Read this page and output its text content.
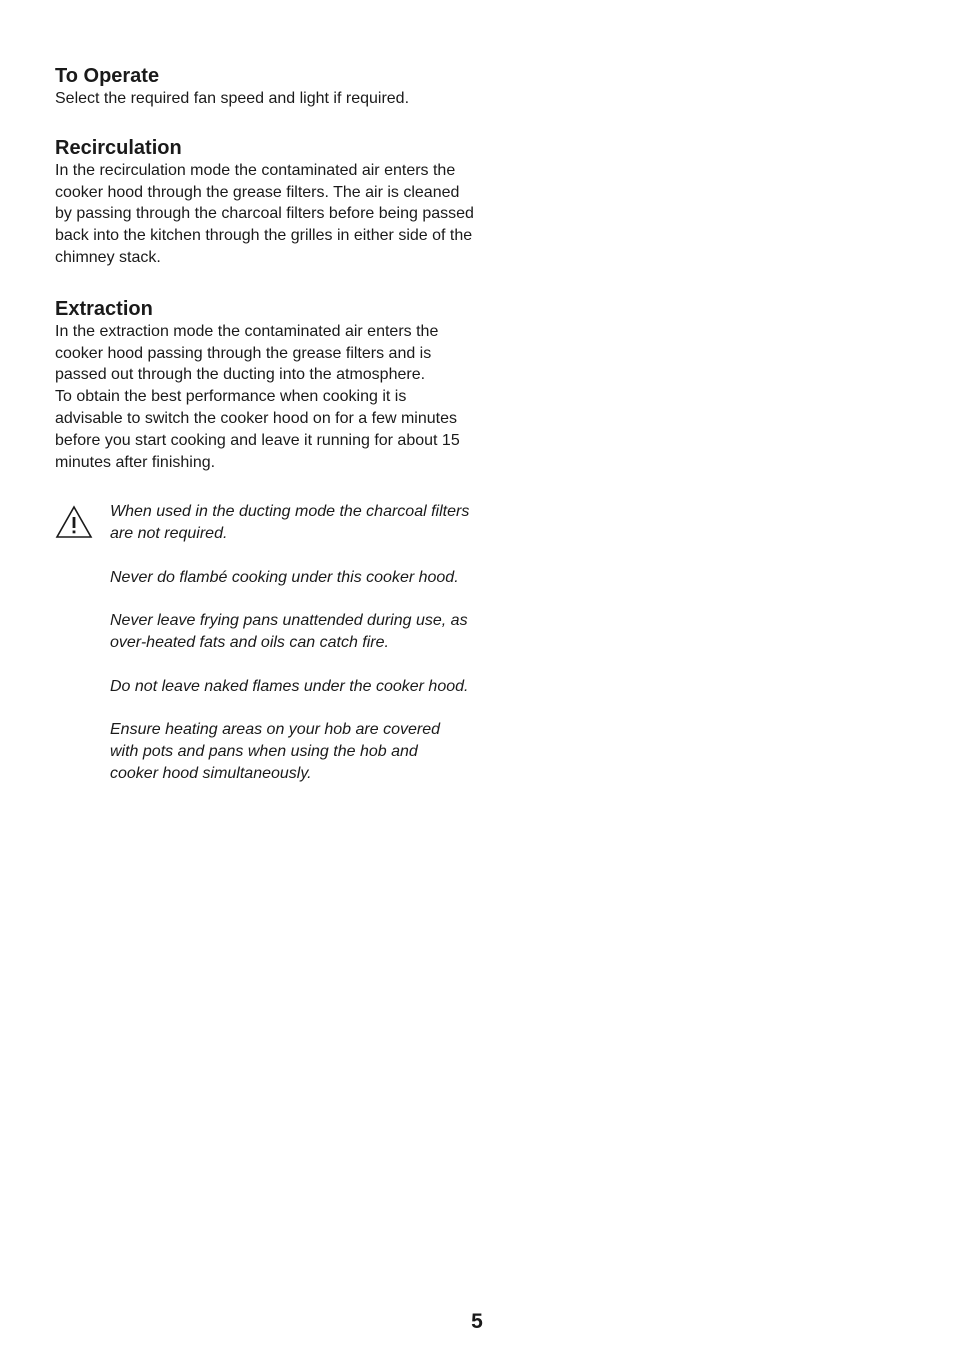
To Operate

Select the required fan speed and light if required.

Recirculation

In the recirculation mode the contaminated air enters the cooker hood through the grease filters. The air is cleaned by passing through the charcoal filters before being passed back into the kitchen through the grilles in either side of the chimney stack.

Extraction

In the extraction mode the contaminated air enters the cooker hood passing through the grease filters and is passed out through the ducting into the atmosphere.

To obtain the best performance when cooking it is advisable to switch the cooker hood on for a few minutes before you start cooking and leave it running for about 15 minutes after finishing.

When used in the ducting mode the charcoal filters are not required.

Never do flambé cooking under this cooker hood.

Never leave frying pans unattended during use, as over-heated fats and oils can catch fire.

Do not leave naked flames under the cooker hood.

Ensure heating areas on your hob are covered with pots and pans when using the hob and cooker hood simultaneously.

5
